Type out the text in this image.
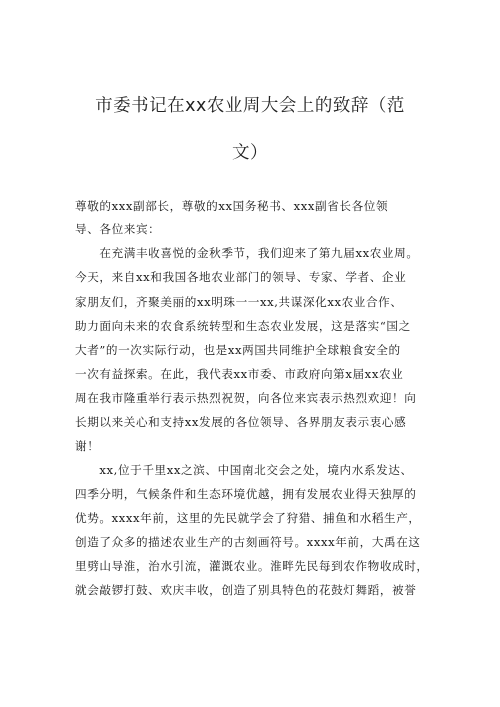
市委书记在xx农业周大会上的致辞（范
文）
尊敬的xxx副部长，尊敬的xx国务秘书、xxx副省长各位领
导、各位来宾：
　　在充满丰收喜悦的金秋季节，我们迎来了第九届xx农业周。
今天，来自xx和我国各地农业部门的领导、专家、学者、企业
家朋友们，齐聚美丽的xx明珠一一xx,共谋深化xx农业合作、
助力面向未来的农食系统转型和生态农业发展，这是落实“国之
大者”的一次实际行动，也是xx两国共同维护全球粮食安全的
一次有益探索。在此，我代表xx市委、市政府向第x届xx农业
周在我市隆重举行表示热烈祝贺，向各位来宾表示热烈欢迎！向
长期以来关心和支持xx发展的各位领导、各界朋友表示衷心感
谢！
　　xx,位于千里xx之滨、中国南北交会之处，境内水系发达、
四季分明，气候条件和生态环境优越，拥有发展农业得天独厚的
优势。xxxx年前，这里的先民就学会了狩猎、捕鱼和水稻生产，
创造了众多的描述农业生产的古刻画符号。xxxx年前，大禹在这
里劈山导淮，治水引流，灌溉农业。淮畔先民每到农作物收成时，
就会敲锣打鼓、欢庆丰收，创造了别具特色的花鼓灯舞蹈，被誉
